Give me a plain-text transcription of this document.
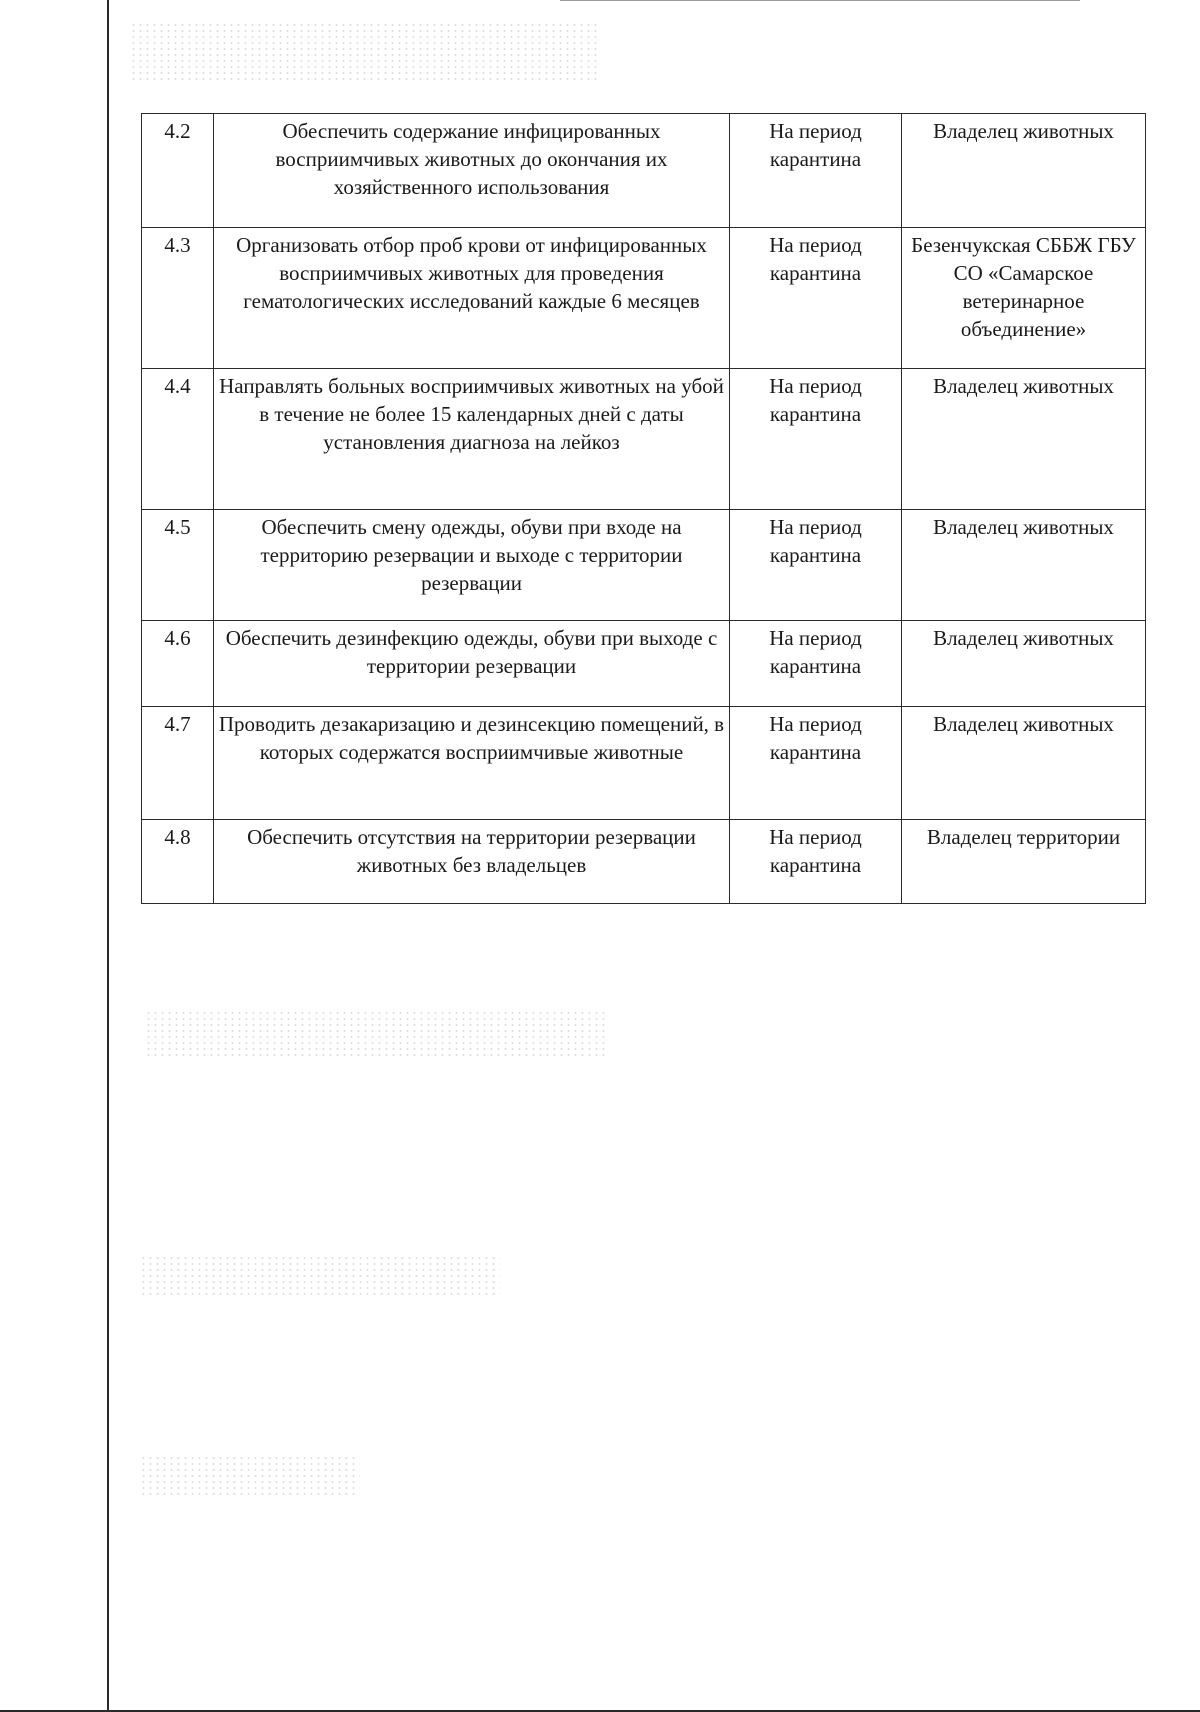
4.2	Обеспечить содержание инфицированных восприимчивых животных до окончания их хозяйственного использования	На период карантина	Владелец животных
4.3	Организовать отбор проб крови от инфицированных восприимчивых животных для проведения гематологических исследований каждые 6 месяцев	На период карантина	Безенчукская СББЖ ГБУ СО «Самарское ветеринарное объединение»
4.4	Направлять больных восприимчивых животных на убой в течение не более 15 календарных дней с даты установления диагноза на лейкоз	На период карантина	Владелец животных
4.5	Обеспечить смену одежды, обуви при входе на территорию резервации и выходе с территории резервации	На период карантина	Владелец животных
4.6	Обеспечить дезинфекцию одежды, обуви при выходе с территории резервации	На период карантина	Владелец животных
4.7	Проводить дезакаризацию и дезинсекцию помещений, в которых содержатся восприимчивые животные	На период карантина	Владелец животных
4.8	Обеспечить отсутствия на территории резервации животных без владельцев	На период карантина	Владелец территории
